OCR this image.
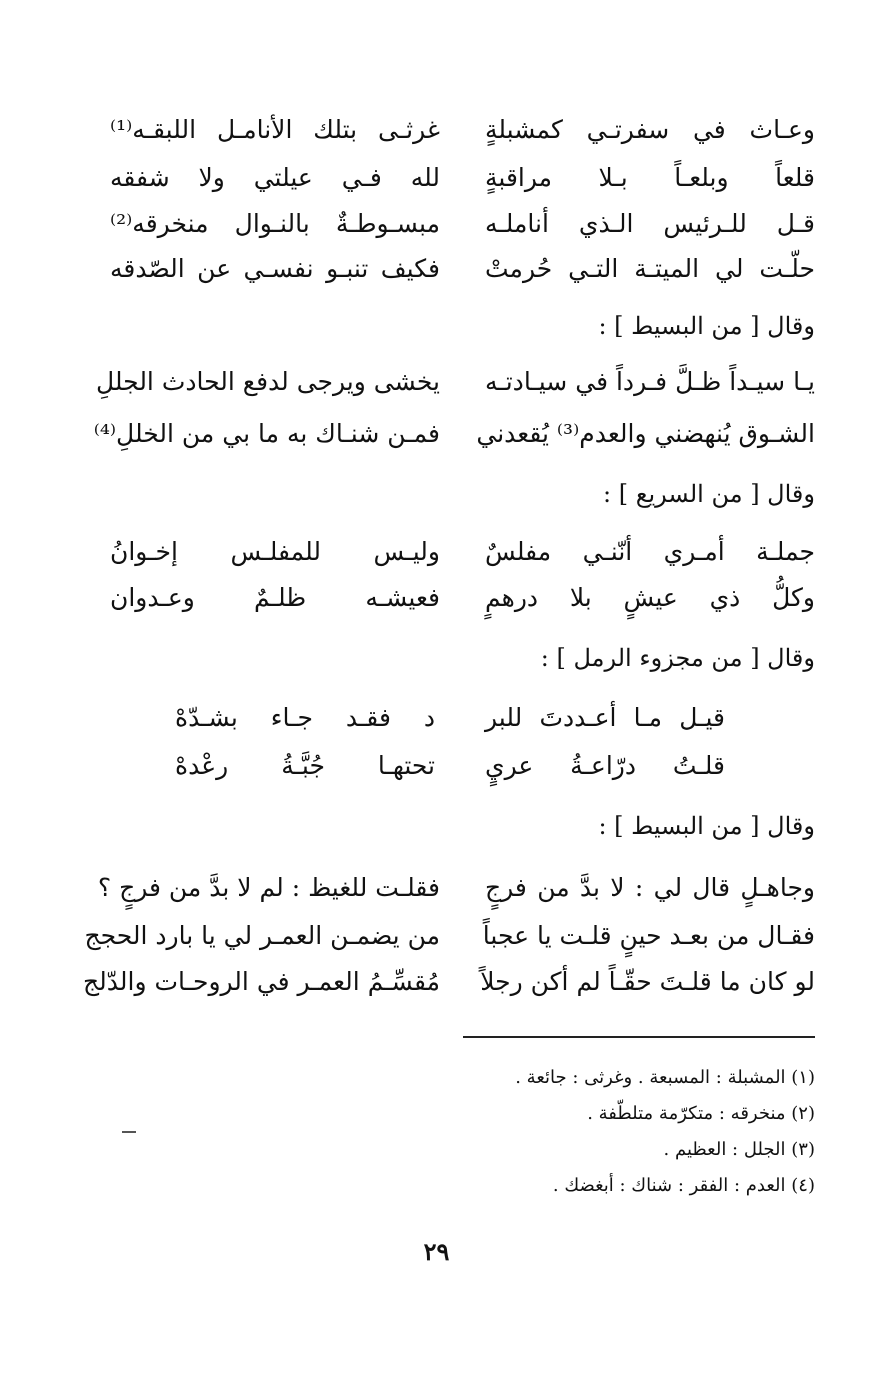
وعـاث في سفرتـي كمشبلةٍ
غرثـى بتلك الأنامـل اللبقـه⁽¹⁾
قلعاً وبلعـاً بـلا مراقبةٍ
لله فـي عيلتي ولا شفقه
قـل للـرئيس الـذي أناملـه
مبسـوطـةٌ بالنـوال منخرقه⁽²⁾
حلّـت لي الميتـة التـي حُرمتْ
فكيف تنبـو نفسـي عن الصّدقه
وقال [ من البسيط ] :
يـا سيـداً ظـلَّ فـرداً في سيـادتـه
يخشى ويرجى لدفع الحادث الجللِ
الشـوق يُنهضني والعدم⁽³⁾ يُقعدني
فمـن شنـاك به ما بي من الخللِ⁽⁴⁾
وقال [ من السريع ] :
جملـة أمـري أنّنـي مفلسٌ
وليـس للمفلـس إخـوانُ
وكلُّ ذي عيشٍ بلا درهمٍ
فعيشـه ظلـمٌ وعـدوان
وقال [ من مجزوء الرمل ] :
قيـل مـا أعـددتَ للبر
د فقـد جـاء بشـدّهْ
قلـتُ درّاعـةُ عريٍ
تحتهـا جُبَّـةُ رعْدهْ
وقال [ من البسيط ] :
وجاهـلٍ قال لي : لا بدَّ من فرجٍ
فقلـت للغيظ : لم لا بدَّ من فرجٍ ؟
فقـال من بعـد حينٍ قلـت يا عجباً
من يضمـن العمـر لي يا بارد الحجج
لو كان ما قلـتَ حقّـاً لم أكن رجلاً
مُقسِّـمُ العمـر في الروحـات والدّلج
(١) المشبلة : المسبعة . وغرثى : جائعة .
(٢) منخرقه : متكرّمة متلطّفة .
(٣) الجلل : العظيم .
(٤) العدم : الفقر : شناك : أبغضك .
٢٩
